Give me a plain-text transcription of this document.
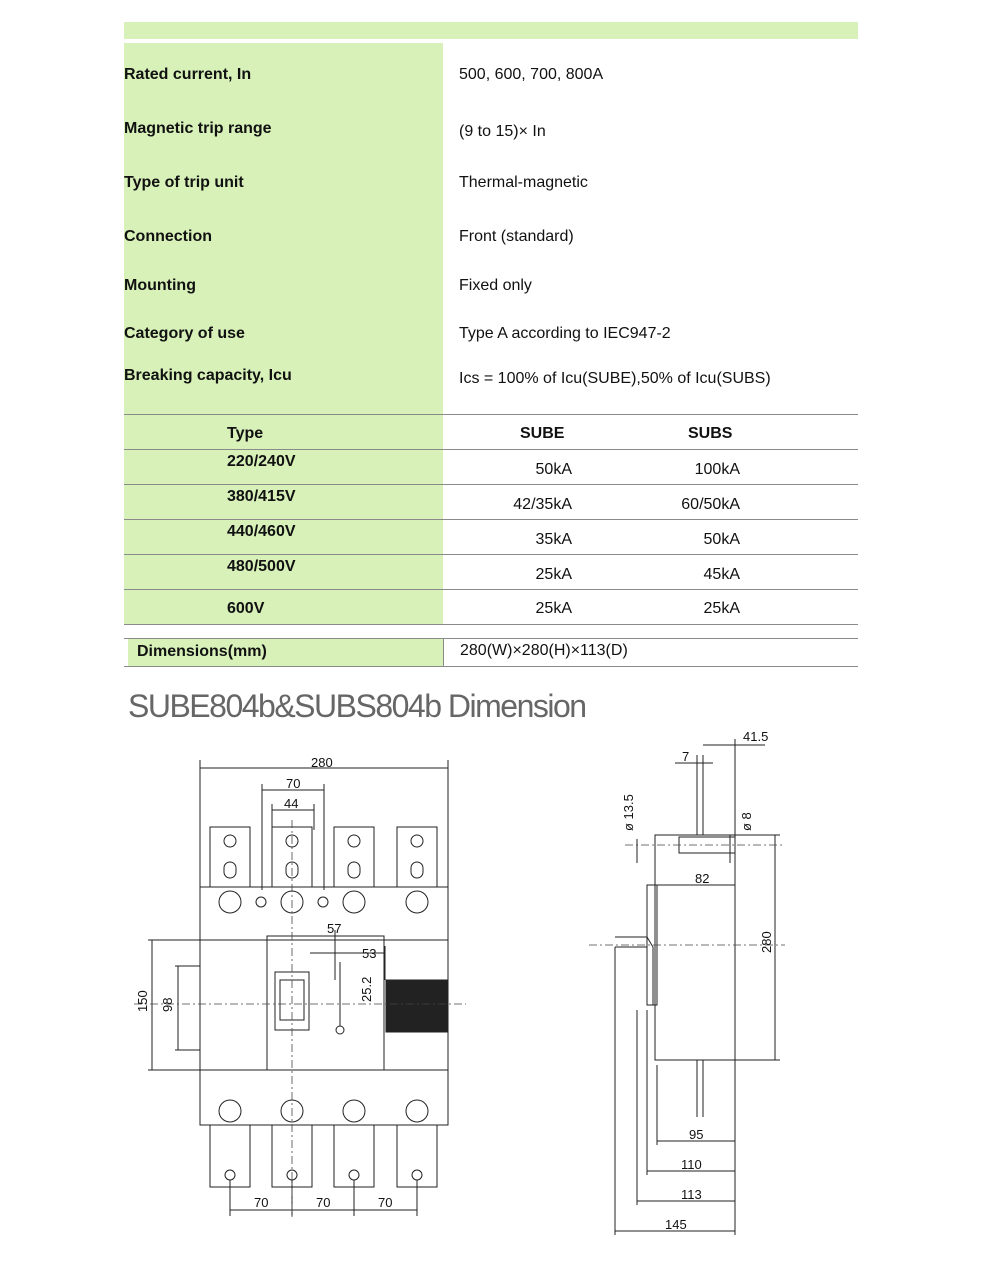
Rated current, In	500, 600, 700, 800A
Magnetic trip range	(9 to 15)× In
Type of trip unit	Thermal-magnetic
Connection	Front (standard)
Mounting	Fixed only
Category of use	Type A according to IEC947-2
Breaking capacity, Icu	Ics = 100% of Icu(SUBE),50% of Icu(SUBS)
Type	SUBE	SUBS
220/240V	50kA	100kA
380/415V	42/35kA	60/50kA
440/460V	35kA	50kA
480/500V	25kA	45kA
600V	25kA	25kA
Dimensions(mm)	280(W)×280(H)×113(D)
SUBE804b&SUBS804b Dimension
280
70
44
57
53
25.2
150 98
70	70	70
41.5
7
ø 13.5	ø 8
82
280
95
110
113
145
